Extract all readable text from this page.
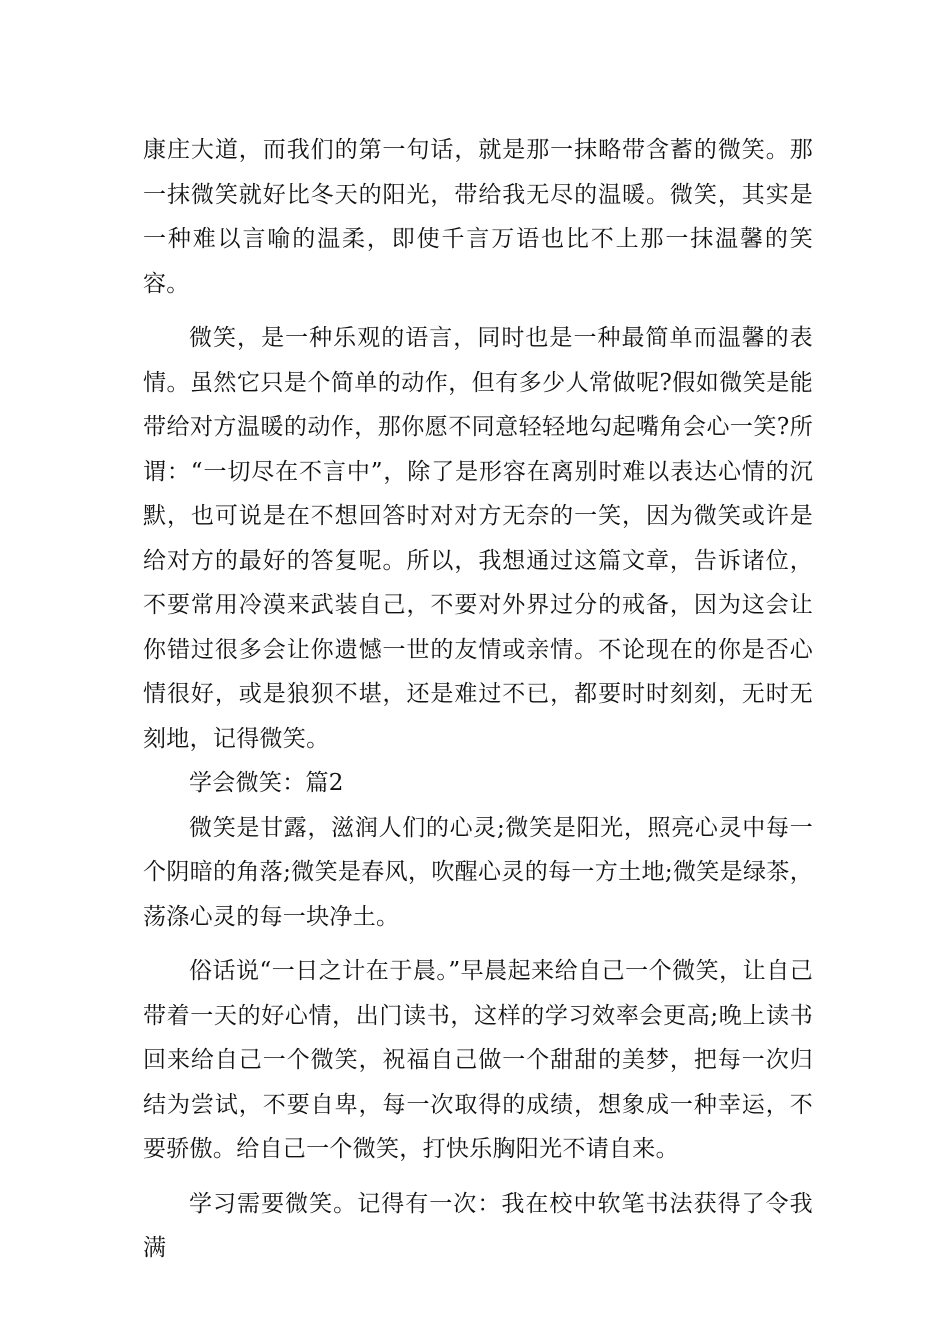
康庄大道，而我们的第一句话，就是那一抹略带含蓄的微笑。那一抹微笑就好比冬天的阳光，带给我无尽的温暖。微笑，其实是一种难以言喻的温柔，即使千言万语也比不上那一抹温馨的笑容。

微笑，是一种乐观的语言，同时也是一种最简单而温馨的表情。虽然它只是个简单的动作，但有多少人常做呢?假如微笑是能带给对方温暖的动作，那你愿不同意轻轻地勾起嘴角会心一笑?所谓：“一切尽在不言中”，除了是形容在离别时难以表达心情的沉默，也可说是在不想回答时对对方无奈的一笑，因为微笑或许是给对方的最好的答复呢。所以，我想通过这篇文章，告诉诸位，不要常用冷漠来武装自己，不要对外界过分的戒备，因为这会让你错过很多会让你遗憾一世的友情或亲情。不论现在的你是否心情很好，或是狼狈不堪，还是难过不已，都要时时刻刻，无时无刻地，记得微笑。

学会微笑：篇2

微笑是甘露，滋润人们的心灵;微笑是阳光，照亮心灵中每一个阴暗的角落;微笑是春风，吹醒心灵的每一方土地;微笑是绿茶，荡涤心灵的每一块净土。

俗话说“一日之计在于晨。”早晨起来给自己一个微笑，让自己带着一天的好心情，出门读书，这样的学习效率会更高;晚上读书回来给自己一个微笑，祝福自己做一个甜甜的美梦，把每一次归结为尝试，不要自卑，每一次取得的成绩，想象成一种幸运，不要骄傲。给自己一个微笑，打快乐胸阳光不请自来。

学习需要微笑。记得有一次：我在校中软笔书法获得了令我满
